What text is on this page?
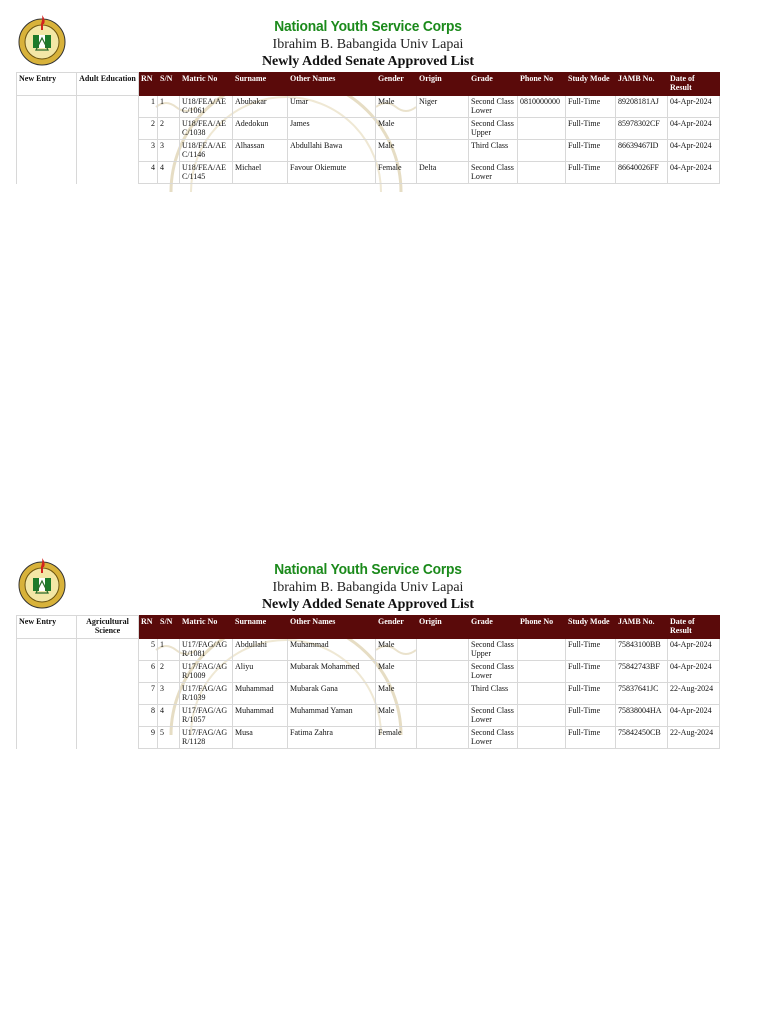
National Youth Service Corps
Ibrahim B. Babangida Univ Lapai
Newly Added Senate Approved List
New Entry	Adult Education	RN	S/N	Matric No	Surname	Other Names	Gender	Origin	Grade	Phone No	Study Mode	JAMB No.	Date of Result
		1	1	U18/FEA/AE C/1061	Abubakar	Umar	Male	Niger	Second Class Lower	0810000000	Full-Time	89208181AJ	04-Apr-2024
		2	2	U18/FEA/AE C/1038	Adedokun	James	Male		Second Class Upper		Full-Time	85978302CF	04-Apr-2024
		3	3	U18/FEA/AE C/1146	Alhassan	Abdullahi Bawa	Male		Third Class		Full-Time	86639467ID	04-Apr-2024
		4	4	U18/FEA/AE C/1145	Michael	Favour Okiemute	Female	Delta	Second Class Lower		Full-Time	86640026FF	04-Apr-2024
National Youth Service Corps
Ibrahim B. Babangida Univ Lapai
Newly Added Senate Approved List
New Entry	Agricultural Science	RN	S/N	Matric No	Surname	Other Names	Gender	Origin	Grade	Phone No	Study Mode	JAMB No.	Date of Result
		5	1	U17/FAG/AG R/1081	Abdullahi	Muhammad	Male		Second Class Upper		Full-Time	75843100BB	04-Apr-2024
		6	2	U17/FAG/AG R/1009	Aliyu	Mubarak Mohammed	Male		Second Class Lower		Full-Time	75842743BF	04-Apr-2024
		7	3	U17/FAG/AG R/1039	Muhammad	Mubarak Gana	Male		Third Class		Full-Time	75837641JC	22-Aug-2024
		8	4	U17/FAG/AG R/1057	Muhammad	Muhammad Yaman	Male		Second Class Lower		Full-Time	75838004HA	04-Apr-2024
		9	5	U17/FAG/AG R/1128	Musa	Fatima Zahra	Female		Second Class Lower		Full-Time	75842450CB	22-Aug-2024
